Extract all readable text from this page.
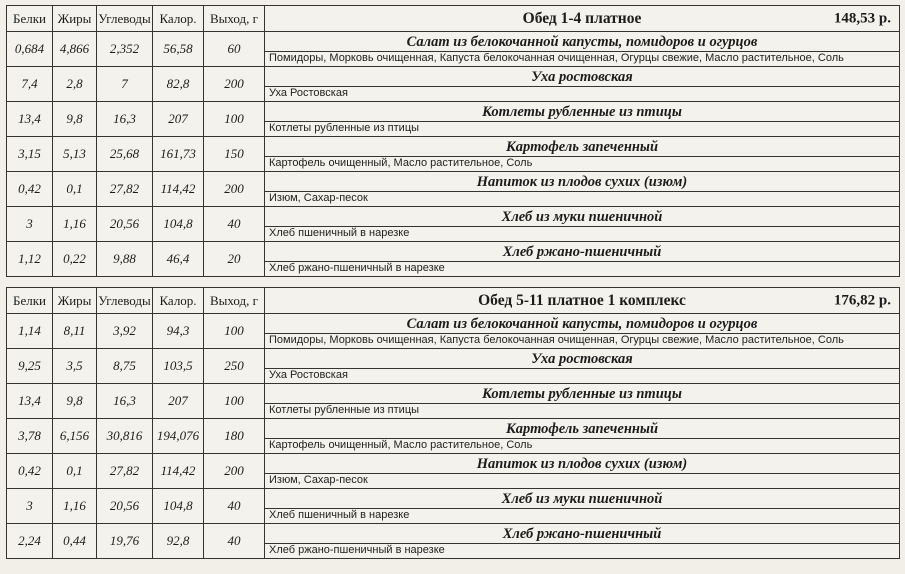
Белки	Жиры	Углеводы	Калор.	Выход, г	Обед 1-4 платное 148,53 р.

0,684	4,866	2,352	56,58	60	Салат из белокочанной капусты, помидоров и огурцов
					Помидоры, Морковь очищенная, Капуста белокочанная очищенная, Огурцы свежие, Масло растительное, Соль
7,4	2,8	7	82,8	200	Уха ростовская
					Уха Ростовская
13,4	9,8	16,3	207	100	Котлеты рубленные из птицы
					Котлеты рубленные из птицы
3,15	5,13	25,68	161,73	150	Картофель запеченный
					Картофель очищенный, Масло растительное, Соль
0,42	0,1	27,82	114,42	200	Напиток из плодов сухих (изюм)
					Изюм, Сахар-песок
3	1,16	20,56	104,8	40	Хлеб из муки пшеничной
					Хлеб пшеничный в нарезке
1,12	0,22	9,88	46,4	20	Хлеб ржано-пшеничный
					Хлеб ржано-пшеничный в нарезке
Белки	Жиры	Углеводы	Калор.	Выход, г	Обед 5-11 платное 1 комплекс 176,82 р.

1,14	8,11	3,92	94,3	100	Салат из белокочанной капусты, помидоров и огурцов
					Помидоры, Морковь очищенная, Капуста белокочанная очищенная, Огурцы свежие, Масло растительное, Соль
9,25	3,5	8,75	103,5	250	Уха ростовская
					Уха Ростовская
13,4	9,8	16,3	207	100	Котлеты рубленные из птицы
					Котлеты рубленные из птицы
3,78	6,156	30,816	194,076	180	Картофель запеченный
					Картофель очищенный, Масло растительное, Соль
0,42	0,1	27,82	114,42	200	Напиток из плодов сухих (изюм)
					Изюм, Сахар-песок
3	1,16	20,56	104,8	40	Хлеб из муки пшеничной
					Хлеб пшеничный в нарезке
2,24	0,44	19,76	92,8	40	Хлеб ржано-пшеничный
					Хлеб ржано-пшеничный в нарезке
